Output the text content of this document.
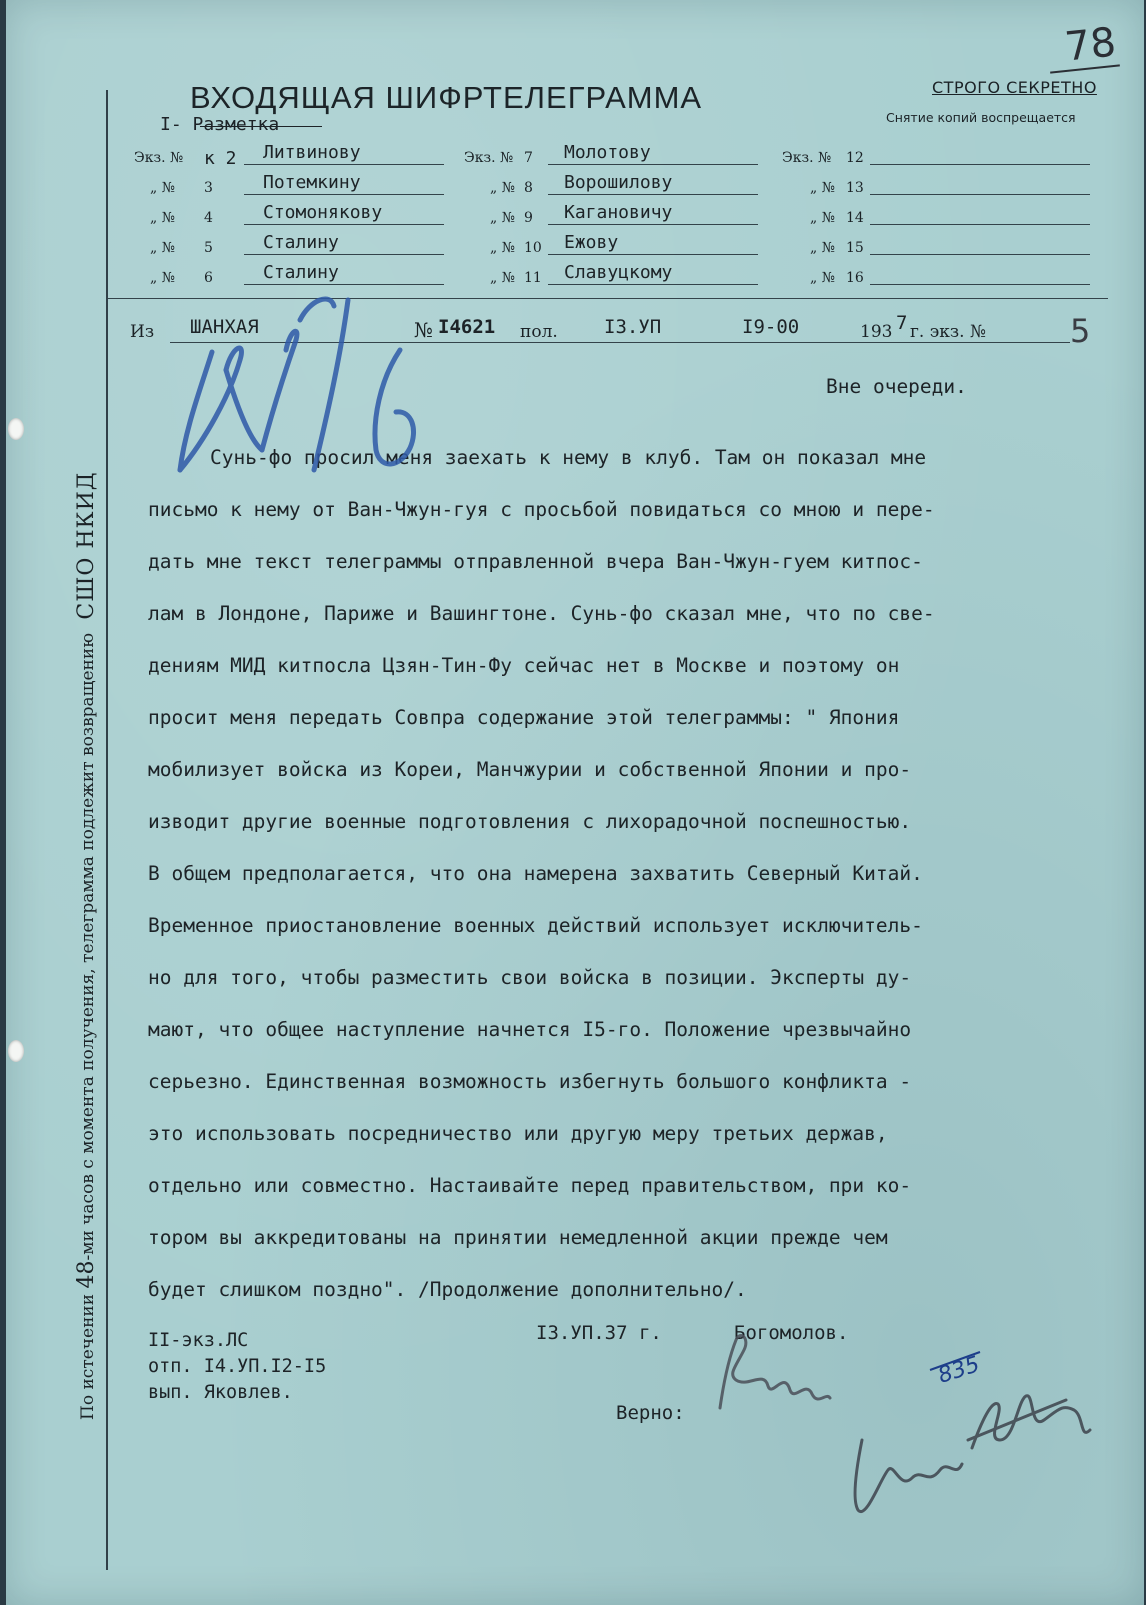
78
ВХОДЯЩАЯ ШИФРТЕЛЕГРАММА	СТРОГО СЕКРЕТНО
Снятие копий воспрещается
I- Разметка
По истечении 48-ми часов с момента получения, телеграмма подлежит возвращению СШО НКИД
Экз. № к 2 Литвинову
„ № 3	Потемкину
„ № 4	Стомонякову
„ № 5	Сталину
„ № 6	Сталину
Экз. № 7 Молотову
„ № 8 Ворошилову
„ № 9 Кагановичу
„ № 10 Ежову
„ № 11 Славуцкому
Экз. № 12
„ № 13
„ № 14
„ № 15
„ № 16
Из ШАНХАЯ	№ I4621 пол. I3.УП	I9-00	193 7 г. экз. №	5
Вне очереди.
Сунь-фо просил меня заехать к нему в клуб. Там он показал мне
письмо к нему от Ван-Чжун-гуя с просьбой повидаться со мною и пере-
дать мне текст телеграммы отправленной вчера Ван-Чжун-гуем китпос-
лам в Лондоне, Париже и Вашингтоне. Сунь-фо сказал мне, что по све-
дениям МИД китпосла Цзян-Тин-Фу сейчас нет в Москве и поэтому он
просит меня передать Совпра содержание этой телеграммы: " Япония
мобилизует войска из Кореи, Манчжурии и собственной Японии и про-
изводит другие военные подготовления с лихорадочной поспешностью.
В общем предполагается, что она намерена захватить Северный Китай.
Временное приостановление военных действий использует исключитель-
но для того, чтобы разместить свои войска в позиции. Эксперты ду-
мают, что общее наступление начнется I5-го. Положение чрезвычайно
серьезно. Единственная возможность избегнуть большого конфликта -
это использовать посредничество или другую меру третьих держав,
отдельно или совместно. Настаивайте перед правительством, при ко-
тором вы аккредитованы на принятии немедленной акции прежде чем
будет слишком поздно". /Продолжение дополнительно/.
II-экз.ЛС
отп. I4.УП.I2-I5
вып. Яковлев.
I3.УП.37 г.	Богомолов.
Верно:
835
